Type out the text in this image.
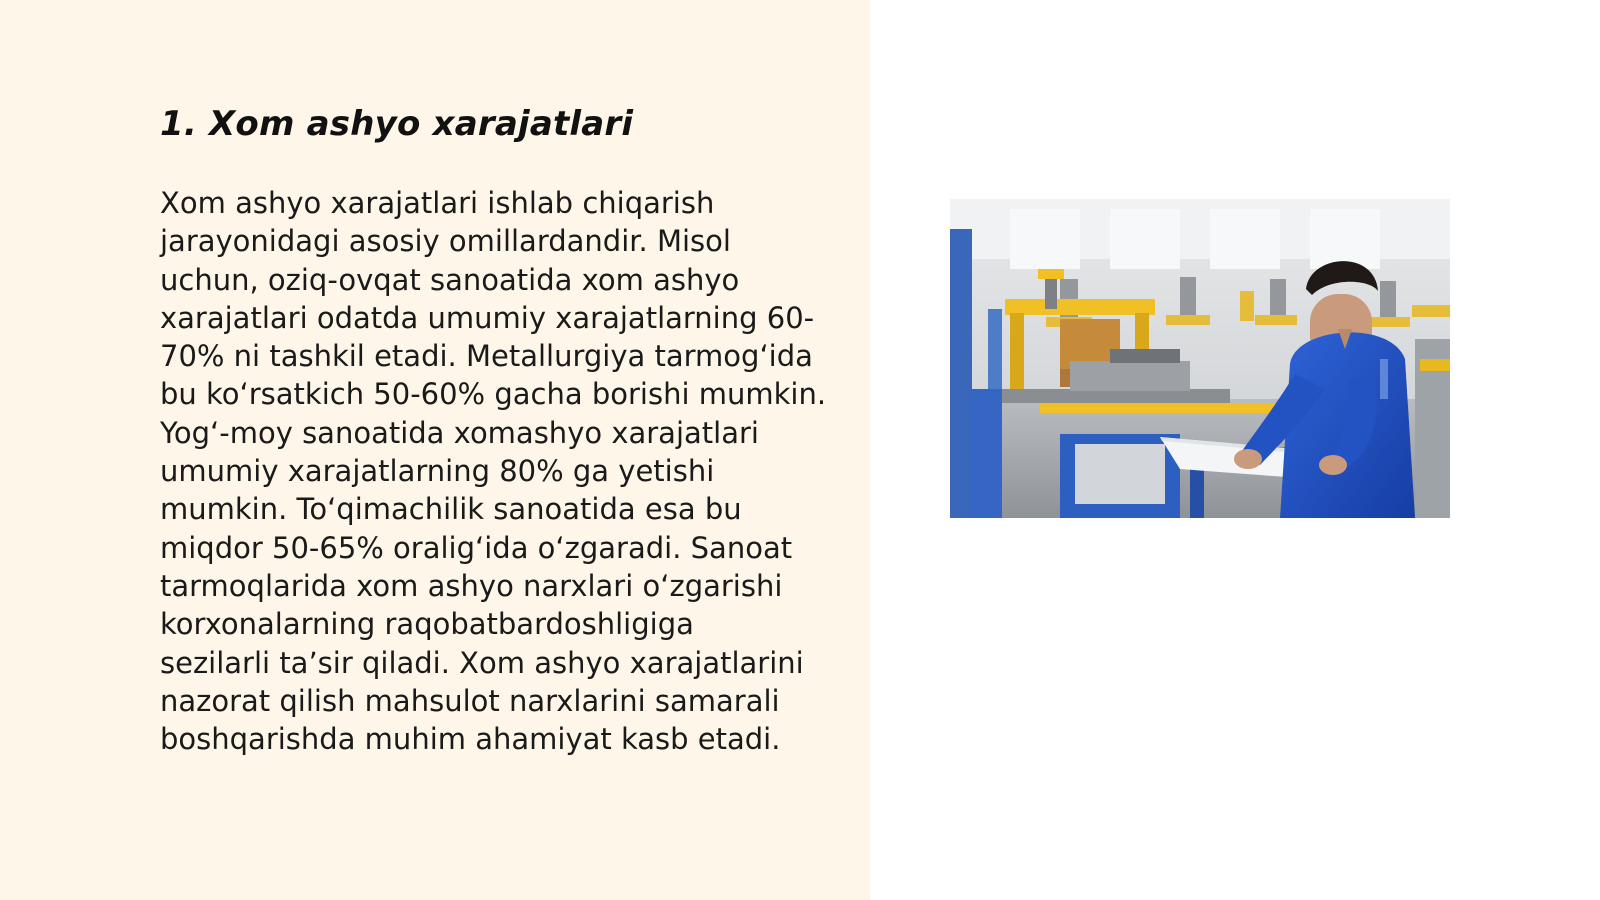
1. Xom ashyo xarajatlari

Xom ashyo xarajatlari ishlab chiqarish
jarayonidagi asosiy omillardandir. Misol
uchun, oziq-ovqat sanoatida xom ashyo
xarajatlari odatda umumiy xarajatlarning 60-
70% ni tashkil etadi. Metallurgiya tarmog‘ida
bu ko‘rsatkich 50-60% gacha borishi mumkin.
Yog‘-moy sanoatida xomashyo xarajatlari
umumiy xarajatlarning 80% ga yetishi
mumkin. To‘qimachilik sanoatida esa bu
miqdor 50-65% oralig‘ida o‘zgaradi. Sanoat
tarmoqlarida xom ashyo narxlari o‘zgarishi
korxonalarning raqobatbardoshligiga
sezilarli ta’sir qiladi. Xom ashyo xarajatlarini
nazorat qilish mahsulot narxlarini samarali
boshqarishda muhim ahamiyat kasb etadi.
